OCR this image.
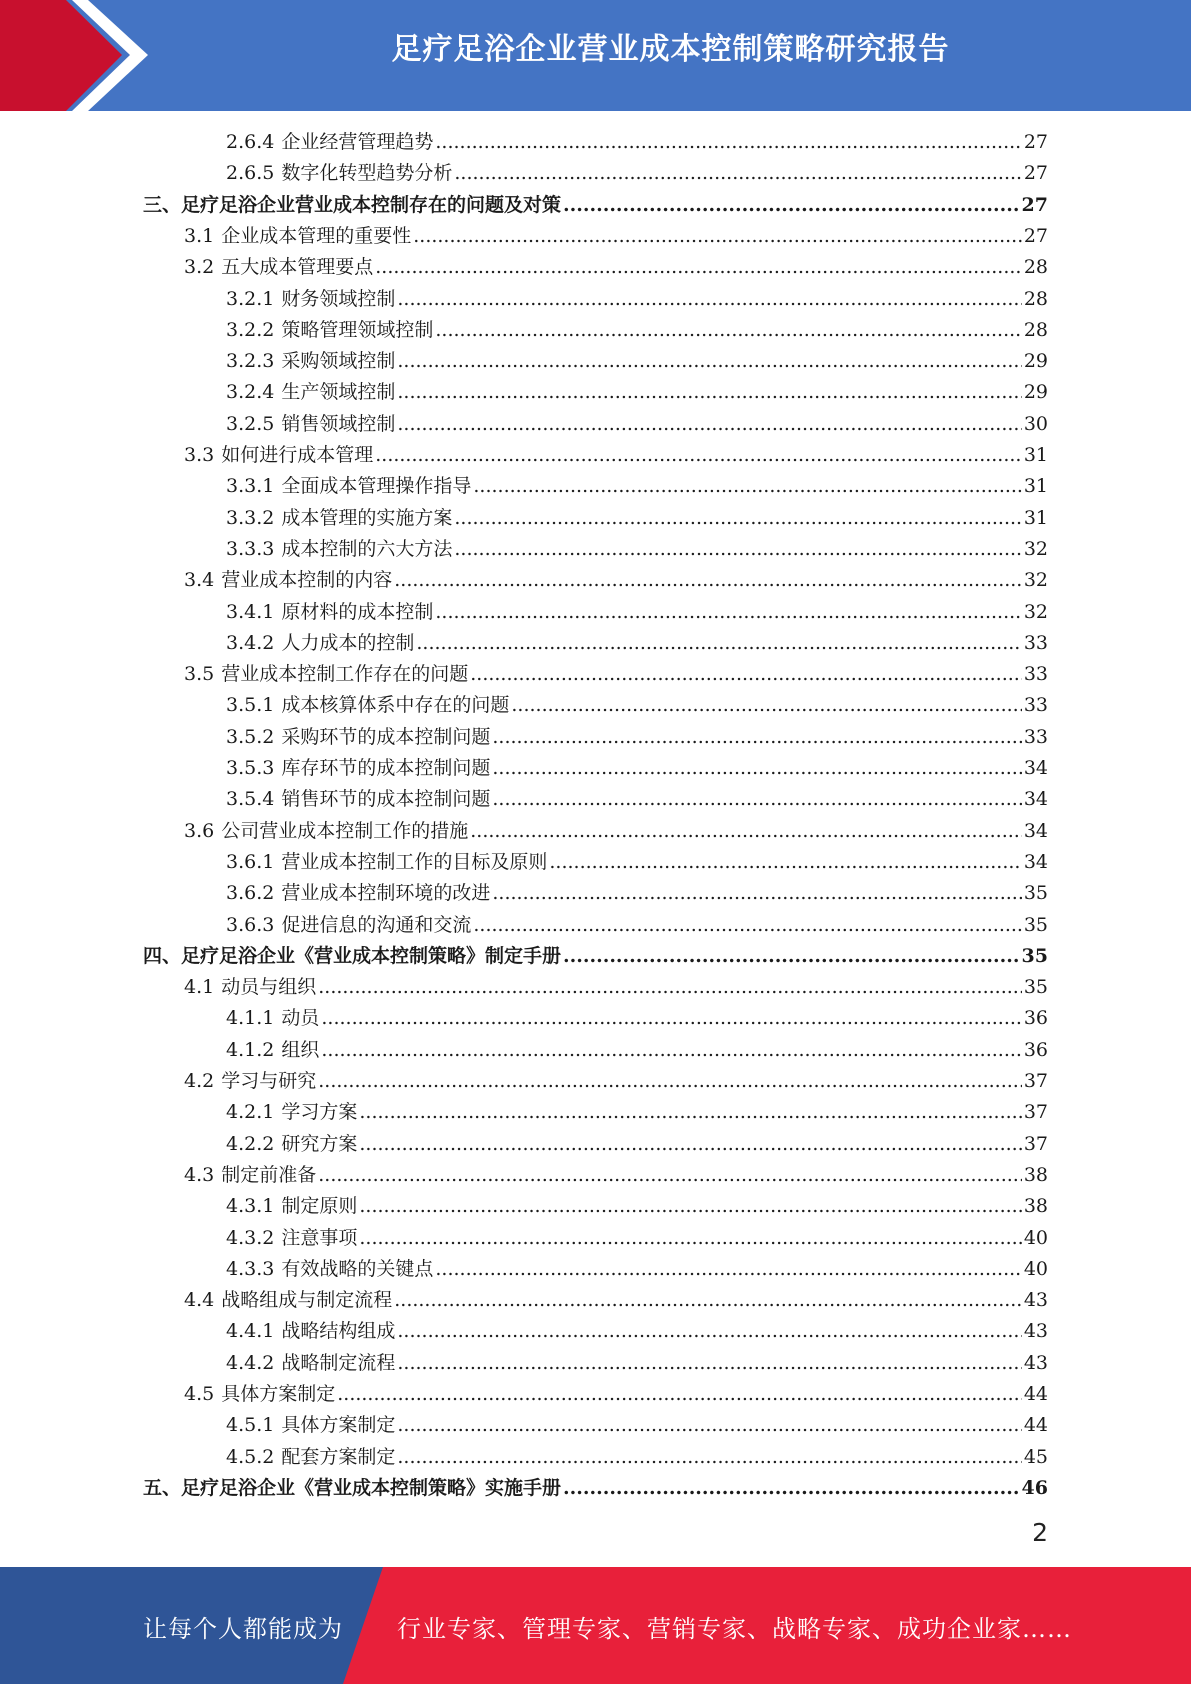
足疗足浴企业营业成本控制策略研究报告
2.6.4 企业经营管理趋势 .....	27
2.6.5 数字化转型趋势分析 .....	27
三、足疗足浴企业营业成本控制存在的问题及对策 .....	27
3.1 企业成本管理的重要性 .....	27
3.2 五大成本管理要点 .....	28
3.2.1 财务领域控制 .....	28
3.2.2 策略管理领域控制 .....	28
3.2.3 采购领域控制 .....	29
3.2.4 生产领域控制 .....	29
3.2.5 销售领域控制 .....	30
3.3 如何进行成本管理 .....	31
3.3.1 全面成本管理操作指导 .....	31
3.3.2 成本管理的实施方案 .....	31
3.3.3 成本控制的六大方法 .....	32
3.4 营业成本控制的内容 .....	32
3.4.1 原材料的成本控制 .....	32
3.4.2 人力成本的控制 .....	33
3.5 营业成本控制工作存在的问题 .....	33
3.5.1 成本核算体系中存在的问题 .....	33
3.5.2 采购环节的成本控制问题 .....	33
3.5.3 库存环节的成本控制问题 .....	34
3.5.4 销售环节的成本控制问题 .....	34
3.6 公司营业成本控制工作的措施 .....	34
3.6.1 营业成本控制工作的目标及原则 .....	34
3.6.2 营业成本控制环境的改进 .....	35
3.6.3 促进信息的沟通和交流 .....	35
四、足疗足浴企业《营业成本控制策略》制定手册 .....	35
4.1 动员与组织 .....	35
4.1.1 动员 .....	36
4.1.2 组织 .....	36
4.2 学习与研究 .....	37
4.2.1 学习方案 .....	37
4.2.2 研究方案 .....	37
4.3 制定前准备 .....	38
4.3.1 制定原则 .....	38
4.3.2 注意事项 .....	40
4.3.3 有效战略的关键点 .....	40
4.4 战略组成与制定流程 .....	43
4.4.1 战略结构组成 .....	43
4.4.2 战略制定流程 .....	43
4.5 具体方案制定 .....	44
4.5.1 具体方案制定 .....	44
4.5.2 配套方案制定 .....	45
五、足疗足浴企业《营业成本控制策略》实施手册 .....	46
2
让每个人都能成为 行业专家、管理专家、营销专家、战略专家、成功企业家……
